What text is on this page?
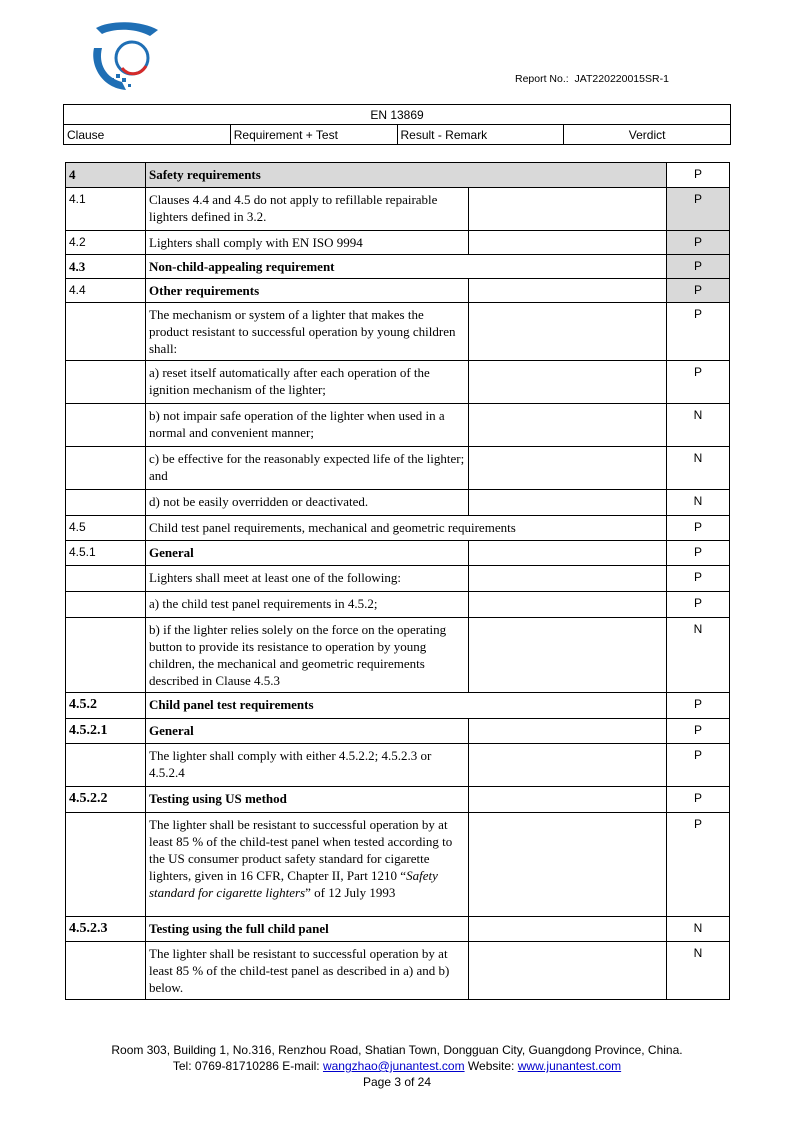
Report No.: JAT220220015SR-1
EN 13869
Clause	Requirement + Test	Result - Remark	Verdict
4	Safety requirements		P
4.1	Clauses 4.4 and 4.5 do not apply to refillable repairable lighters defined in 3.2.		P
4.2	Lighters shall comply with EN ISO 9994		P
4.3	Non-child-appealing requirement		P
4.4	Other requirements		P
	The mechanism or system of a lighter that makes the product resistant to successful operation by young children shall:		P
	a) reset itself automatically after each operation of the ignition mechanism of the lighter;		P
	b) not impair safe operation of the lighter when used in a normal and convenient manner;		N
	c) be effective for the reasonably expected life of the lighter; and		N
	d) not be easily overridden or deactivated.		N
4.5	Child test panel requirements, mechanical and geometric requirements		P
4.5.1	General		P
	Lighters shall meet at least one of the following:		P
	a) the child test panel requirements in 4.5.2;		P
	b) if the lighter relies solely on the force on the operating button to provide its resistance to operation by young children, the mechanical and geometric requirements described in Clause 4.5.3		N
4.5.2	Child panel test requirements		P
4.5.2.1	General		P
	The lighter shall comply with either 4.5.2.2; 4.5.2.3 or 4.5.2.4		P
4.5.2.2	Testing using US method		P
	The lighter shall be resistant to successful operation by at least 85 % of the child-test panel when tested according to the US consumer product safety standard for cigarette lighters, given in 16 CFR, Chapter II, Part 1210 “Safety standard for cigarette lighters” of 12 July 1993		P
4.5.2.3	Testing using the full child panel		N
	The lighter shall be resistant to successful operation by at least 85 % of the child-test panel as described in a) and b) below.		N
Room 303, Building 1, No.316, Renzhou Road, Shatian Town, Dongguan City, Guangdong Province, China.
Tel: 0769-81710286 E-mail: wangzhao@junantest.com Website: www.junantest.com
Page 3 of 24
